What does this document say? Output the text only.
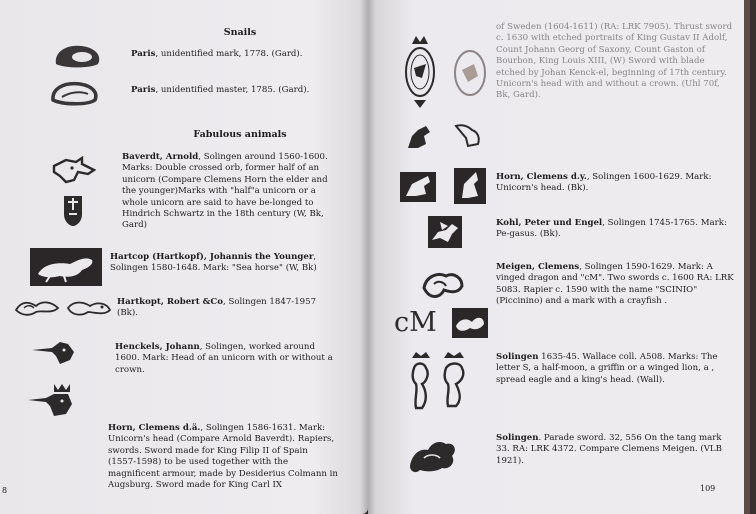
Snails
Paris, unidentified mark, 1778. (Gard).
Paris, unidentified master, 1785. (Gard).
Fabulous animals
Baverdt, Arnold, Solingen around 1560-1600. Marks: Double crossed orb, former half of an unicorn (Compare Clemens Horn the elder and the younger)Marks with "half"a unicorn or a whole unicorn are said to have be-longed to Hindrich Schwartz in the 18th century (W, Bk, Gard)
Hartcop (Hartkopf), Johannis the Younger, Solingen 1580-1648. Mark: "Sea horse" (W, Bk)
Hartkopt, Robert &Co, Solingen 1847-1957 (Bk).
Henckels, Johann, Solingen, worked around 1600. Mark: Head of an unicorn with or without a crown.
Horn, Clemens d.ä., Solingen 1586-1631. Mark: Unicorn's head (Compare Arnold Baverdt). Rapiers, swords. Sword made for King Filip II of Spain (1557-1598) to be used together with the magnificent armour, made by Desiderius Colmann in Augsburg. Sword made for King Carl IX
8
of Sweden (1604-1611) (RA: LRK 7905). Thrust sword c. 1630 with etched portraits of King Gustav II Adolf, Count Johann Georg of Saxony, Count Gaston of Bourbon, King Louis XIII, (W) Sword with blade etched by Johan Kenck-el, beginning of 17th century. Unicorn's head with and without a crown. (Uhl 70f, Bk, Gard).
Horn, Clemens d.y., Solingen 1600-1629. Mark: Unicorn's head. (Bk).
Kohl, Peter und Engel, Solingen 1745-1765. Mark: Pe-gasus. (Bk).
cM
Meigen, Clemens, Solingen 1590-1629. Mark: A vinged dragon and "cM". Two swords c. 1600 RA: LRK 5083. Rapier c. 1590 with the name "SCINIO" (Piccinino) and a mark with a crayfish .
Solingen 1635-45. Wallace coll. A508. Marks: The letter S, a half-moon, a griffin or a winged lion, a , spread eagle and a king's head. (Wall).
Solingen. Parade sword. 32, 556 On the tang mark 33. RA: LRK 4372. Compare Clemens Meigen. (VLB 1921).
109
